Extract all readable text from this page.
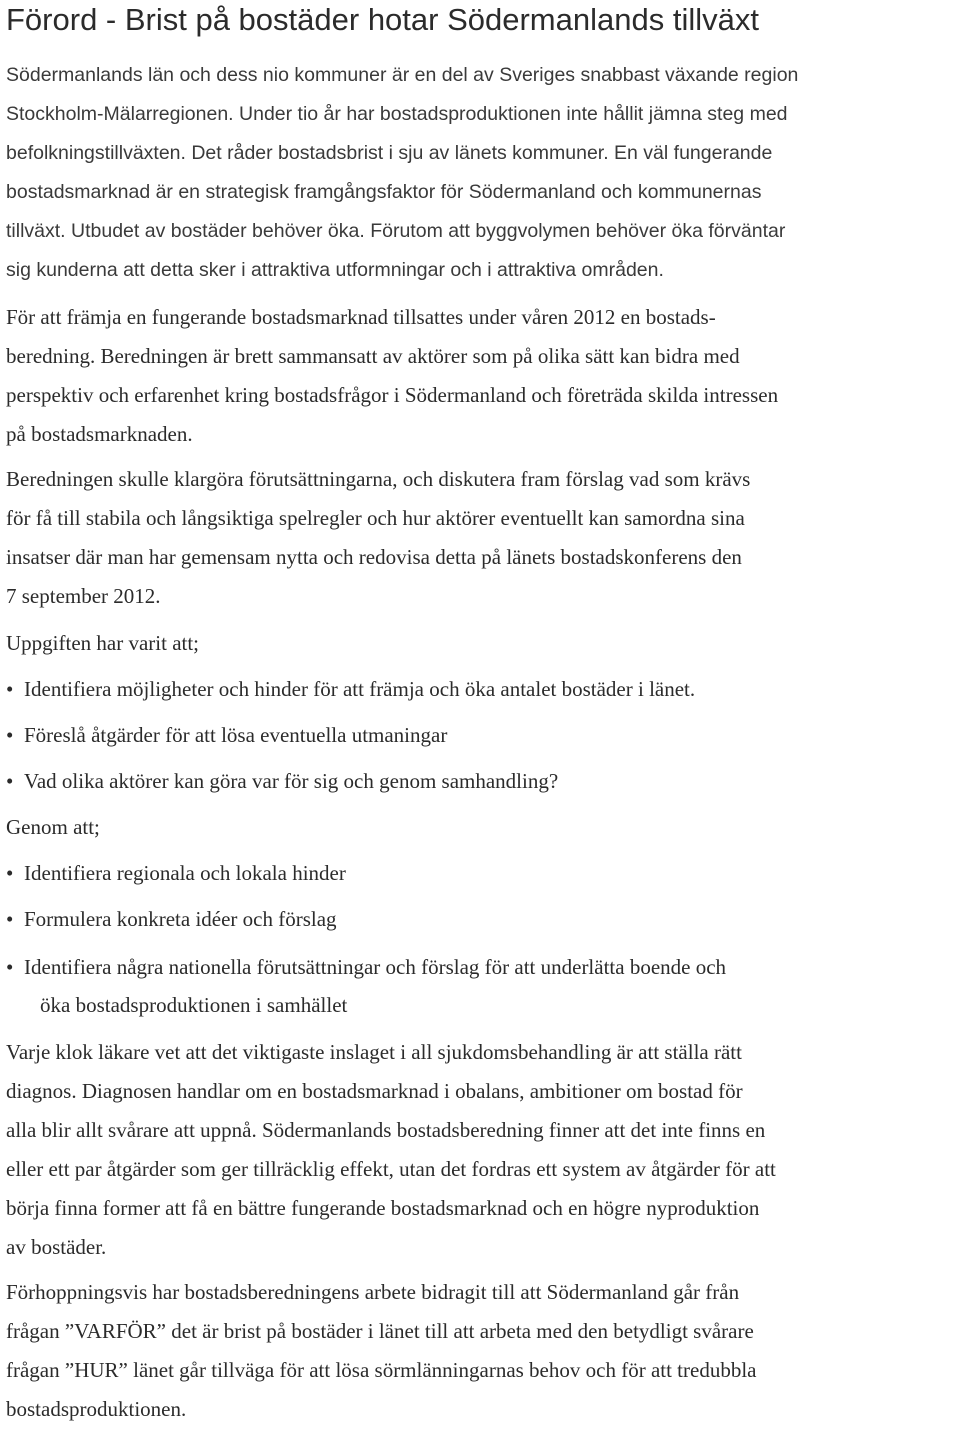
Förord - Brist på bostäder hotar Södermanlands tillväxt
Södermanlands län och dess nio kommuner är en del av Sveriges snabbast växande region
Stockholm-Mälarregionen. Under tio år har bostadsproduktionen inte hållit jämna steg med
befolkningstillväxten. Det råder bostadsbrist i sju av länets kommuner. En väl fungerande
bostadsmarknad är en strategisk framgångsfaktor för Södermanland och kommunernas
tillväxt. Utbudet av bostäder behöver öka. Förutom att byggvolymen behöver öka förväntar
sig kunderna att detta sker i attraktiva utformningar och i attraktiva områden.
För att främja en fungerande bostadsmarknad tillsattes under våren 2012 en bostads-
beredning. Beredningen är brett sammansatt av aktörer som på olika sätt kan bidra med
perspektiv och erfarenhet kring bostadsfrågor i Södermanland och företräda skilda intressen
på bostadsmarknaden.
Beredningen skulle klargöra förutsättningarna, och diskutera fram förslag vad som krävs
för få till stabila och långsiktiga spelregler och hur aktörer eventuellt kan samordna sina
insatser där man har gemensam nytta och redovisa detta på länets bostadskonferens den
7 september 2012.
Uppgiften har varit att;
• Identifiera möjligheter och hinder för att främja och öka antalet bostäder i länet.
• Föreslå åtgärder för att lösa eventuella utmaningar
• Vad olika aktörer kan göra var för sig och genom samhandling?
Genom att;
• Identifiera regionala och lokala hinder
• Formulera konkreta idéer och förslag
• Identifiera några nationella förutsättningar och förslag för att underlätta boende och
öka bostadsproduktionen i samhället
Varje klok läkare vet att det viktigaste inslaget i all sjukdomsbehandling är att ställa rätt
diagnos. Diagnosen handlar om en bostadsmarknad i obalans, ambitioner om bostad för
alla blir allt svårare att uppnå. Södermanlands bostadsberedning finner att det inte finns en
eller ett par åtgärder som ger tillräcklig effekt, utan det fordras ett system av åtgärder för att
börja finna former att få en bättre fungerande bostadsmarknad och en högre nyproduktion
av bostäder.
Förhoppningsvis har bostadsberedningens arbete bidragit till att Södermanland går från
frågan ”VARFÖR” det är brist på bostäder i länet till att arbeta med den betydligt svårare
frågan ”HUR” länet går tillväga för att lösa sörmlänningarnas behov och för att tredubbla
bostadsproduktionen.
